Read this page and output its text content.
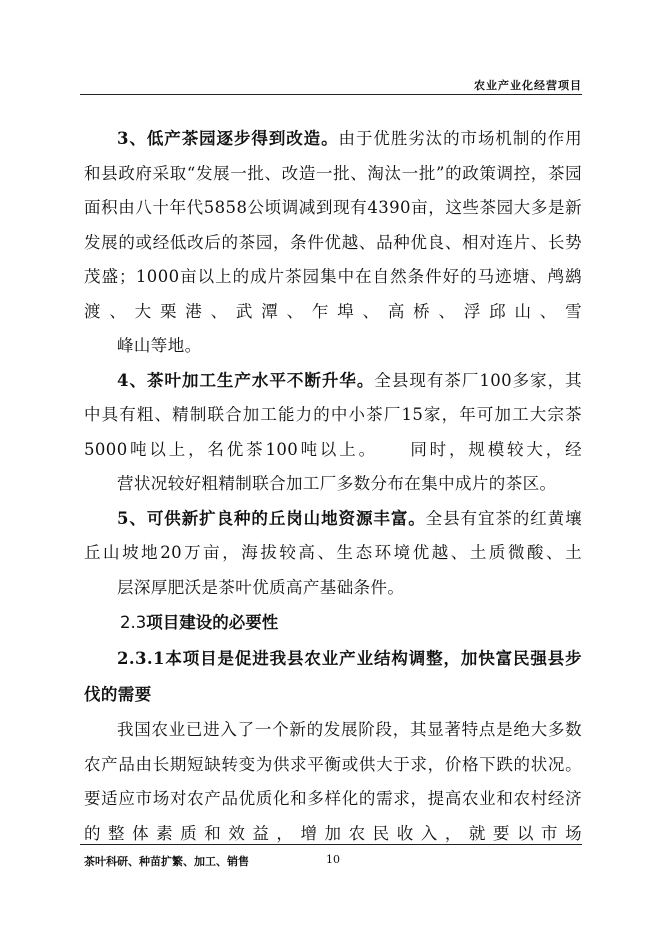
农业产业化经营项目

3、低产茶园逐步得到改造。由于优胜劣汰的市场机制的作用和县政府采取“发展一批、改造一批、淘汰一批”的政策调控，茶园面积由八十年代5858公顷调减到现有4390亩，这些茶园大多是新发展的或经低改后的茶园，条件优越、品种优良、相对连片、长势茂盛；1000亩以上的成片茶园集中在自然条件好的马迹塘、鸬鹚渡、大栗港、武潭、乍埠、高桥、浮邱山、雪
峰山等地。

4、茶叶加工生产水平不断升华。全县现有茶厂100多家，其中具有粗、精制联合加工能力的中小茶厂15家，年可加工大宗茶5000吨以上，名优茶100吨以上。    同时，规模较大，经
营状况较好粗精制联合加工厂多数分布在集中成片的茶区。

5、可供新扩良种的丘岗山地资源丰富。全县有宜茶的红黄壤丘山坡地20万亩，海拔较高、生态环境优越、土质微酸、土
层深厚肥沃是茶叶优质高产基础条件。

2.3项目建设的必要性

2.3.1本项目是促进我县农业产业结构调整，加快富民强县步伐的需要

我国农业已进入了一个新的发展阶段，其显著特点是绝大多数农产品由长期短缺转变为供求平衡或供大于求，价格下跌的状况。要适应市场对农产品优质化和多样化的需求，提高农业和农村经济的整体素质和效益，增加农民收入，就要以市场

茶叶科研、种苗扩繁、加工、销售	10
